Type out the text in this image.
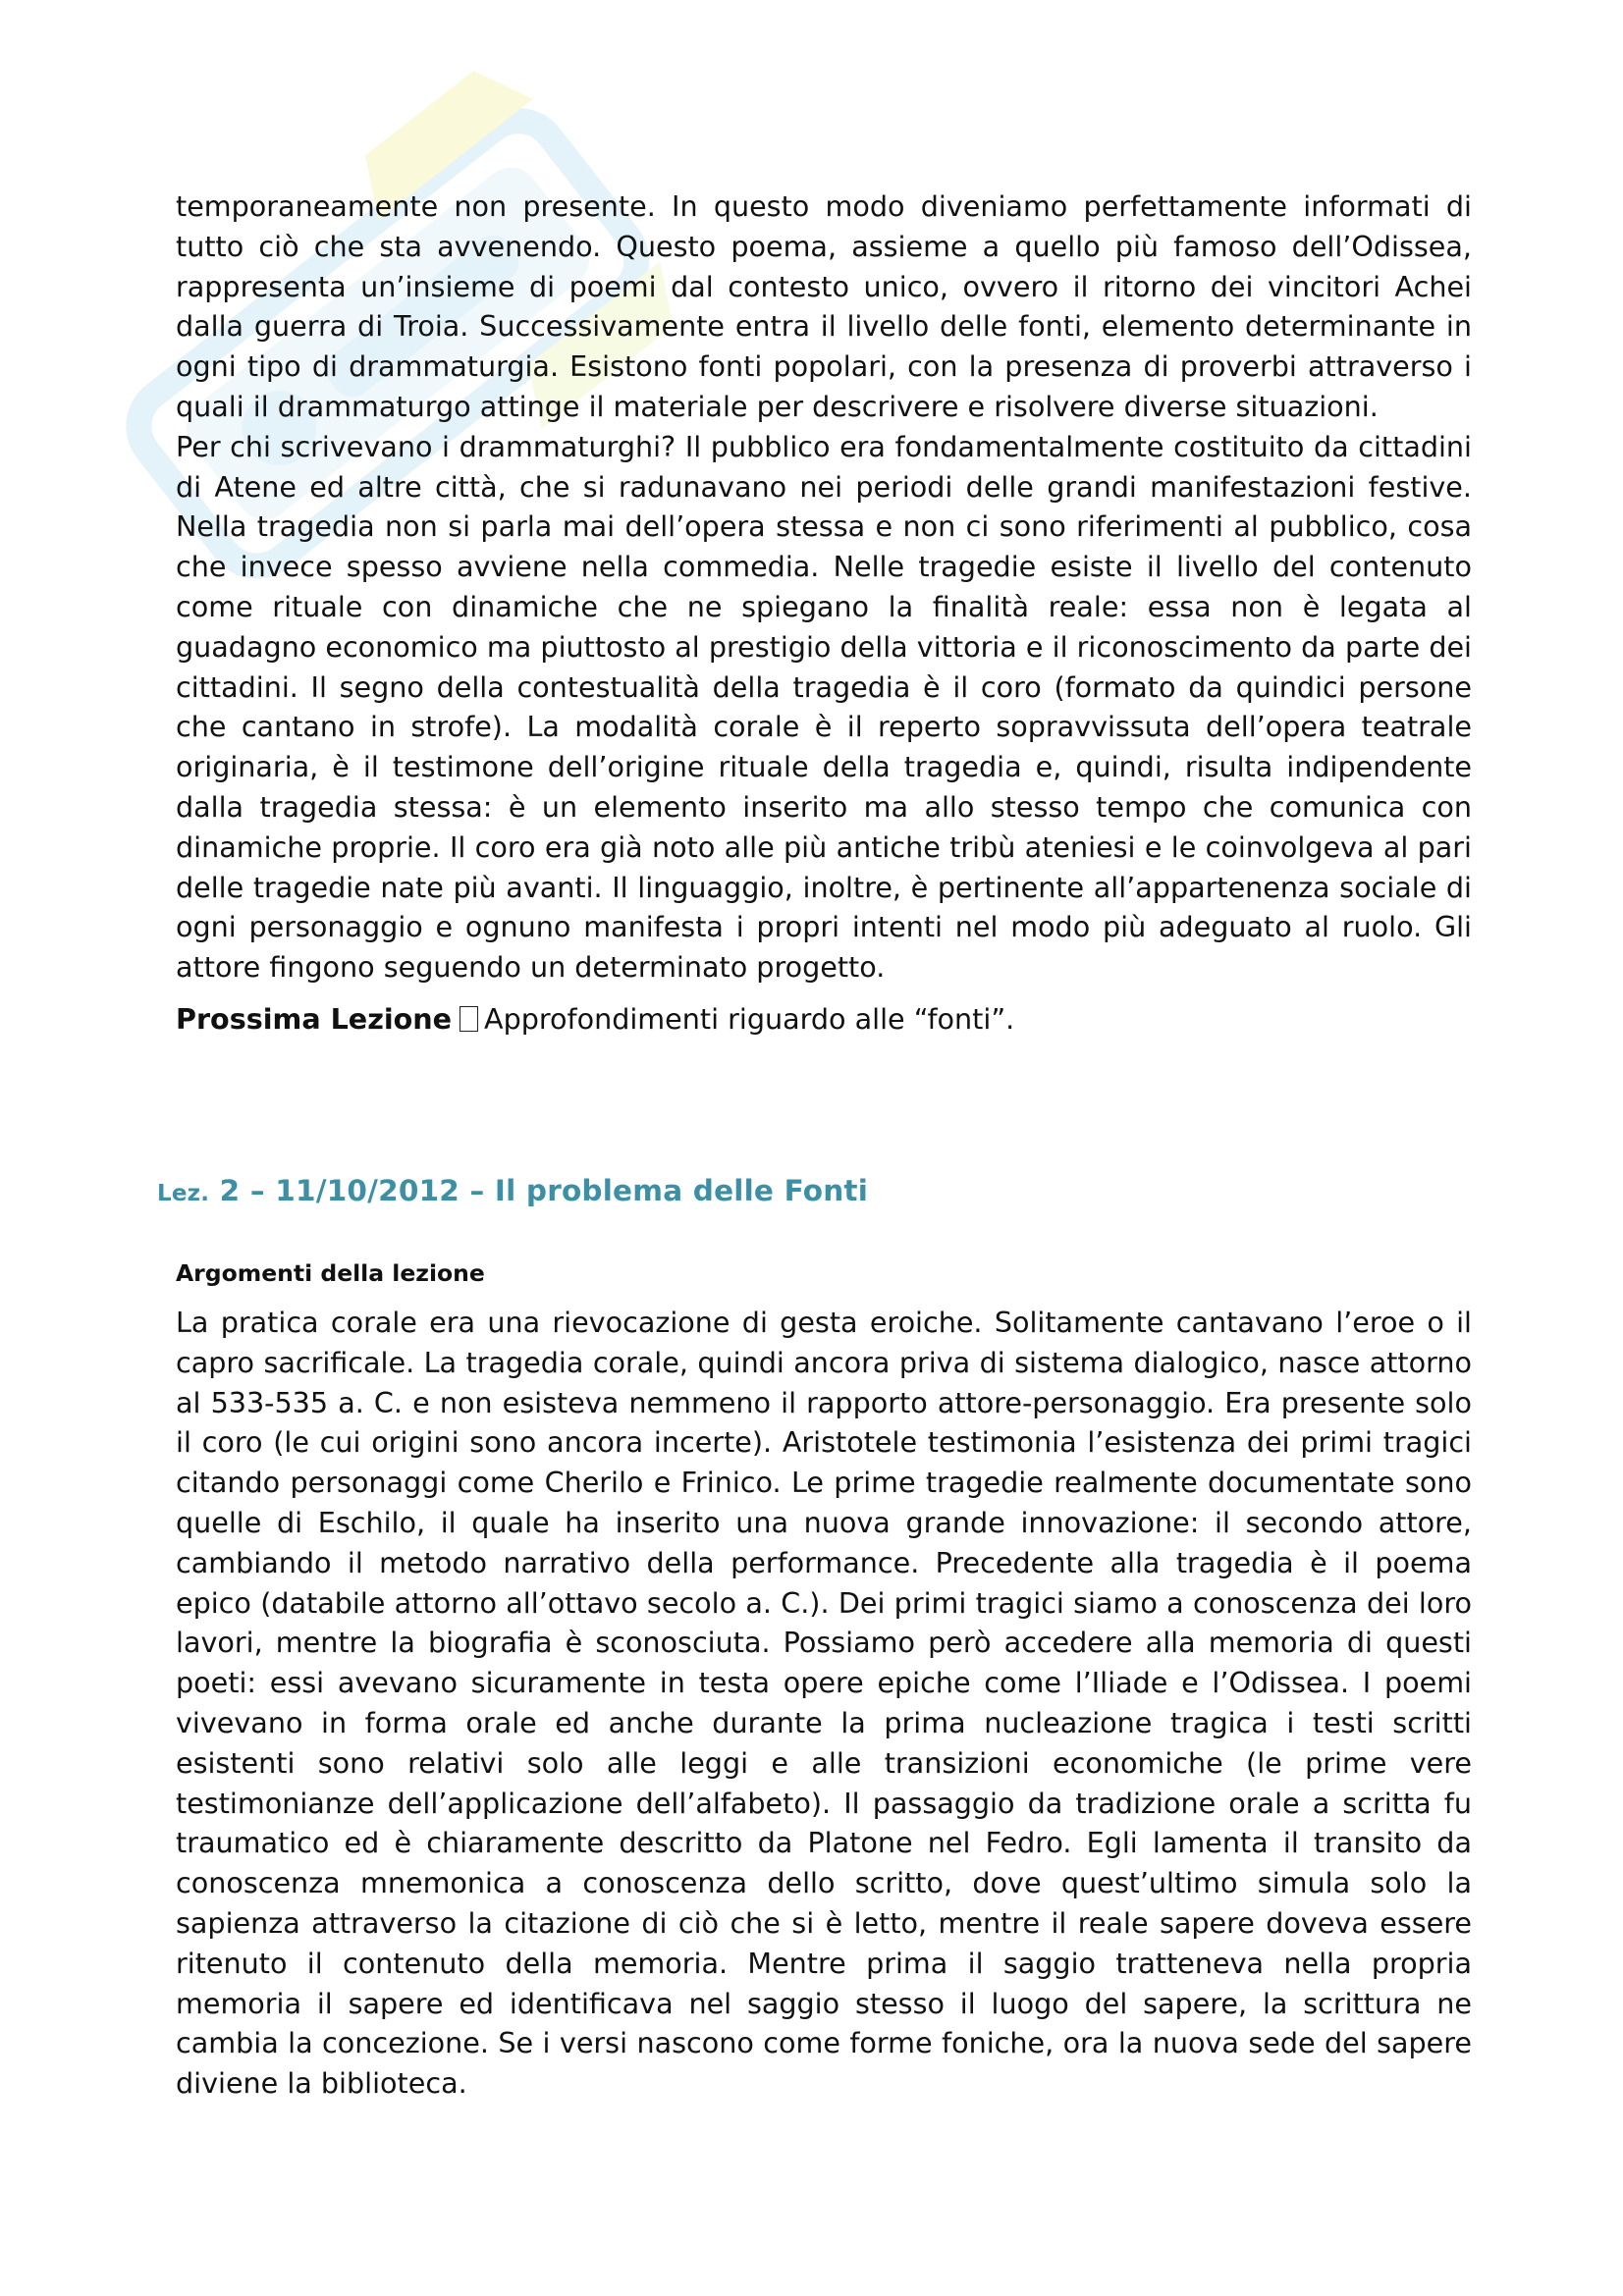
temporaneamente non presente. In questo modo diveniamo perfettamente informati di tutto ciò che sta avvenendo. Questo poema, assieme a quello più famoso dell’Odissea, rappresenta un’insieme di poemi dal contesto unico, ovvero il ritorno dei vincitori Achei dalla guerra di Troia. Successivamente entra il livello delle fonti, elemento determinante in ogni tipo di drammaturgia. Esistono fonti popolari, con la presenza di proverbi attraverso i quali il drammaturgo attinge il materiale per descrivere e risolvere diverse situazioni.

Per chi scrivevano i drammaturghi? Il pubblico era fondamentalmente costituito da cittadini di Atene ed altre città, che si radunavano nei periodi delle grandi manifestazioni festive. Nella tragedia non si parla mai dell’opera stessa e non ci sono riferimenti al pubblico, cosa che invece spesso avviene nella commedia. Nelle tragedie esiste il livello del contenuto come rituale con dinamiche che ne spiegano la finalità reale: essa non è legata al guadagno economico ma piuttosto al prestigio della vittoria e il riconoscimento da parte dei cittadini. Il segno della contestualità della tragedia è il coro (formato da quindici persone che cantano in strofe). La modalità corale è il reperto sopravvissuta dell’opera teatrale originaria, è il testimone dell’origine rituale della tragedia e, quindi, risulta indipendente dalla tragedia stessa: è un elemento inserito ma allo stesso tempo che comunica con dinamiche proprie. Il coro era già noto alle più antiche tribù ateniesi e le coinvolgeva al pari delle tragedie nate più avanti. Il linguaggio, inoltre, è pertinente all’appartenenza sociale di ogni personaggio e ognuno manifesta i propri intenti nel modo più adeguato al ruolo. Gli attore fingono seguendo un determinato progetto.

Prossima Lezione Approfondimenti riguardo alle “fonti”.
Lez. 2 – 11/10/2012 – Il problema delle Fonti
Argomenti della lezione

La pratica corale era una rievocazione di gesta eroiche. Solitamente cantavano l’eroe o il capro sacrificale. La tragedia corale, quindi ancora priva di sistema dialogico, nasce attorno al 533-535 a. C. e non esisteva nemmeno il rapporto attore-personaggio. Era presente solo il coro (le cui origini sono ancora incerte). Aristotele testimonia l’esistenza dei primi tragici citando personaggi come Cherilo e Frinico. Le prime tragedie realmente documentate sono quelle di Eschilo, il quale ha inserito una nuova grande innovazione: il secondo attore, cambiando il metodo narrativo della performance. Precedente alla tragedia è il poema epico (databile attorno all’ottavo secolo a. C.). Dei primi tragici siamo a conoscenza dei loro lavori, mentre la biografia è sconosciuta. Possiamo però accedere alla memoria di questi poeti: essi avevano sicuramente in testa opere epiche come l’Iliade e l’Odissea. I poemi vivevano in forma orale ed anche durante la prima nucleazione tragica i testi scritti esistenti sono relativi solo alle leggi e alle transizioni economiche (le prime vere testimonianze dell’applicazione dell’alfabeto). Il passaggio da tradizione orale a scritta fu traumatico ed è chiaramente descritto da Platone nel Fedro. Egli lamenta il transito da conoscenza mnemonica a conoscenza dello scritto, dove quest’ultimo simula solo la sapienza attraverso la citazione di ciò che si è letto, mentre il reale sapere doveva essere ritenuto il contenuto della memoria. Mentre prima il saggio tratteneva nella propria memoria il sapere ed identificava nel saggio stesso il luogo del sapere, la scrittura ne cambia la concezione. Se i versi nascono come forme foniche, ora la nuova sede del sapere diviene la biblioteca.
